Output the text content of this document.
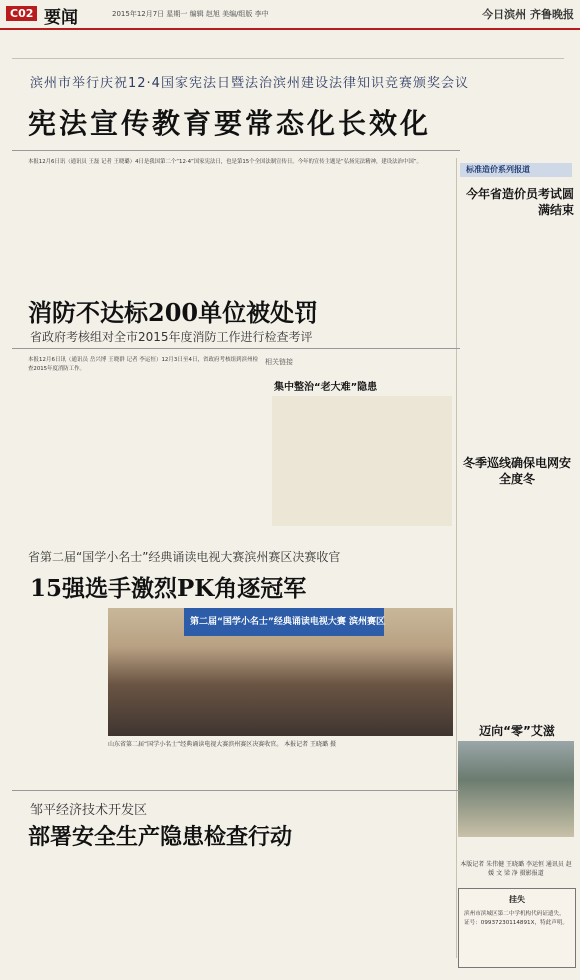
C02 要闻	2015年12月7日 星期一 编辑 赵旭 美编/组版 李中	今日滨州 齐鲁晚报
滨州市举行庆祝12·4国家宪法日暨法治滨州建设法律知识竞赛颁奖会议
宪法宣传教育要常态化长效化
本报12月6日讯（通讯员 王磊 记者 王晓璐）4日是我国第二个“12·4”国家宪法日，也是第15个全国法制宣传日。今年的宣传主题是“弘扬宪法精神，建设法治中国”。
标准造价系列报道
今年省造价员考试圆满结束
冬季巡线确保电网安全度冬
迈向“零”艾滋
消防不达标200单位被处罚
省政府考核组对全市2015年度消防工作进行检查考评
本报12月6日讯（通讯员 岳兴博 王晓群 记者 李运恒）12月3日至4日，省政府考核组到滨州检查2015年度消防工作。
相关链接
集中整治“老大难”隐患
省第二届“国学小名士”经典诵读电视大赛滨州赛区决赛收官
15强选手激烈PK角逐冠军
第二届“国学小名士”经典诵读电视大赛 滨州赛区
山东省第二届“国学小名士”经典诵读电视大赛滨州赛区决赛收官。 本报记者 王晓璐 摄
邹平经济技术开发区
部署安全生产隐患检查行动
本版记者 朱伟健 王晓璐 李运恒 通讯员 赵媛 文 梁 净 摄影报道
挂失
滨州市滨城区第二中学机构代码证遗失，证号：09937230114891X，特此声明。
